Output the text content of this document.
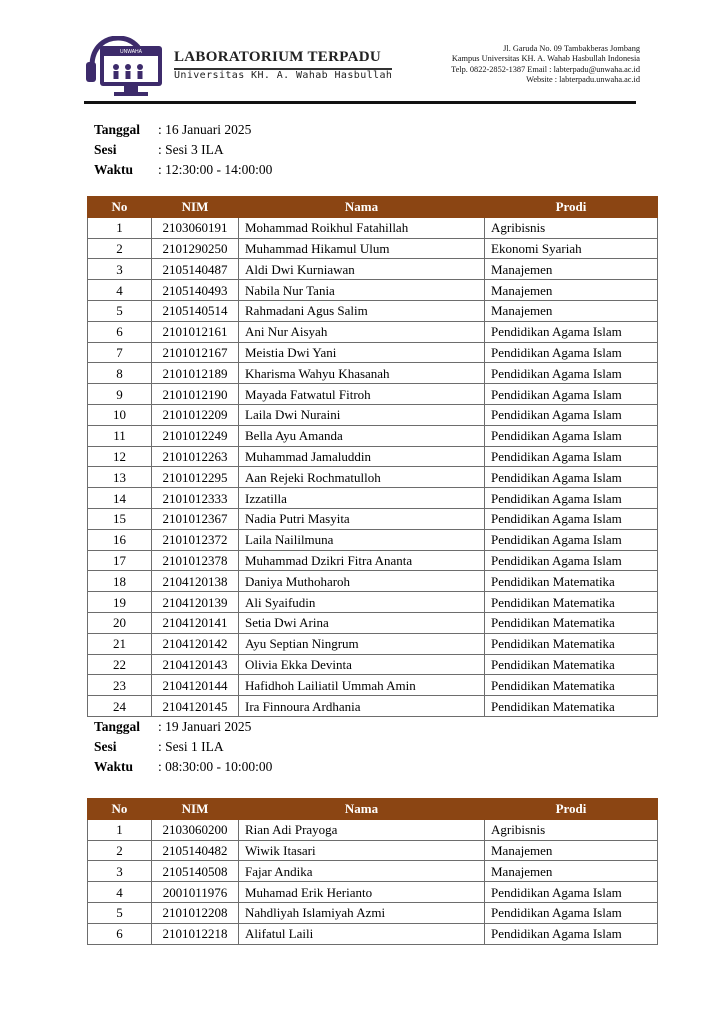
UNWAHA LABORATORIUM TERPADU
Universitas KH. A. Wahab Hasbullah
Jl. Garuda No. 09 Tambakberas Jombang
Kampus Universitas KH. A. Wahab Hasbullah Indonesia
Telp. 0822-2852-1387 Email : labterpadu@unwaha.ac.id
Website : labterpadu.unwaha.ac.id
Tanggal : 16 Januari 2025
Sesi	: Sesi 3 ILA
Waktu : 12:30:00 - 14:00:00
No	NIM	Nama	Prodi
1	2103060191	Mohammad Roikhul Fatahillah	Agribisnis
2	2101290250	Muhammad Hikamul Ulum	Ekonomi Syariah
3	2105140487	Aldi Dwi Kurniawan	Manajemen
4	2105140493	Nabila Nur Tania	Manajemen
5	2105140514	Rahmadani Agus Salim	Manajemen
6	2101012161	Ani Nur Aisyah	Pendidikan Agama Islam
7	2101012167	Meistia Dwi Yani	Pendidikan Agama Islam
8	2101012189	Kharisma Wahyu Khasanah	Pendidikan Agama Islam
9	2101012190	Mayada Fatwatul Fitroh	Pendidikan Agama Islam
10	2101012209	Laila Dwi Nuraini	Pendidikan Agama Islam
11	2101012249	Bella Ayu Amanda	Pendidikan Agama Islam
12	2101012263	Muhammad Jamaluddin	Pendidikan Agama Islam
13	2101012295	Aan Rejeki Rochmatulloh	Pendidikan Agama Islam
14	2101012333	Izzatilla	Pendidikan Agama Islam
15	2101012367	Nadia Putri Masyita	Pendidikan Agama Islam
16	2101012372	Laila Naililmuna	Pendidikan Agama Islam
17	2101012378	Muhammad Dzikri Fitra Ananta	Pendidikan Agama Islam
18	2104120138	Daniya Muthoharoh	Pendidikan Matematika
19	2104120139	Ali Syaifudin	Pendidikan Matematika
20	2104120141	Setia Dwi Arina	Pendidikan Matematika
21	2104120142	Ayu Septian Ningrum	Pendidikan Matematika
22	2104120143	Olivia Ekka Devinta	Pendidikan Matematika
23	2104120144	Hafidhoh Lailiatil Ummah Amin	Pendidikan Matematika
24	2104120145	Ira Finnoura Ardhania	Pendidikan Matematika
Tanggal : 19 Januari 2025
Sesi	: Sesi 1 ILA
Waktu : 08:30:00 - 10:00:00
No	NIM	Nama	Prodi
1	2103060200	Rian Adi Prayoga	Agribisnis
2	2105140482	Wiwik Itasari	Manajemen
3	2105140508	Fajar Andika	Manajemen
4	2001011976	Muhamad Erik Herianto	Pendidikan Agama Islam
5	2101012208	Nahdliyah Islamiyah Azmi	Pendidikan Agama Islam
6	2101012218	Alifatul Laili	Pendidikan Agama Islam
